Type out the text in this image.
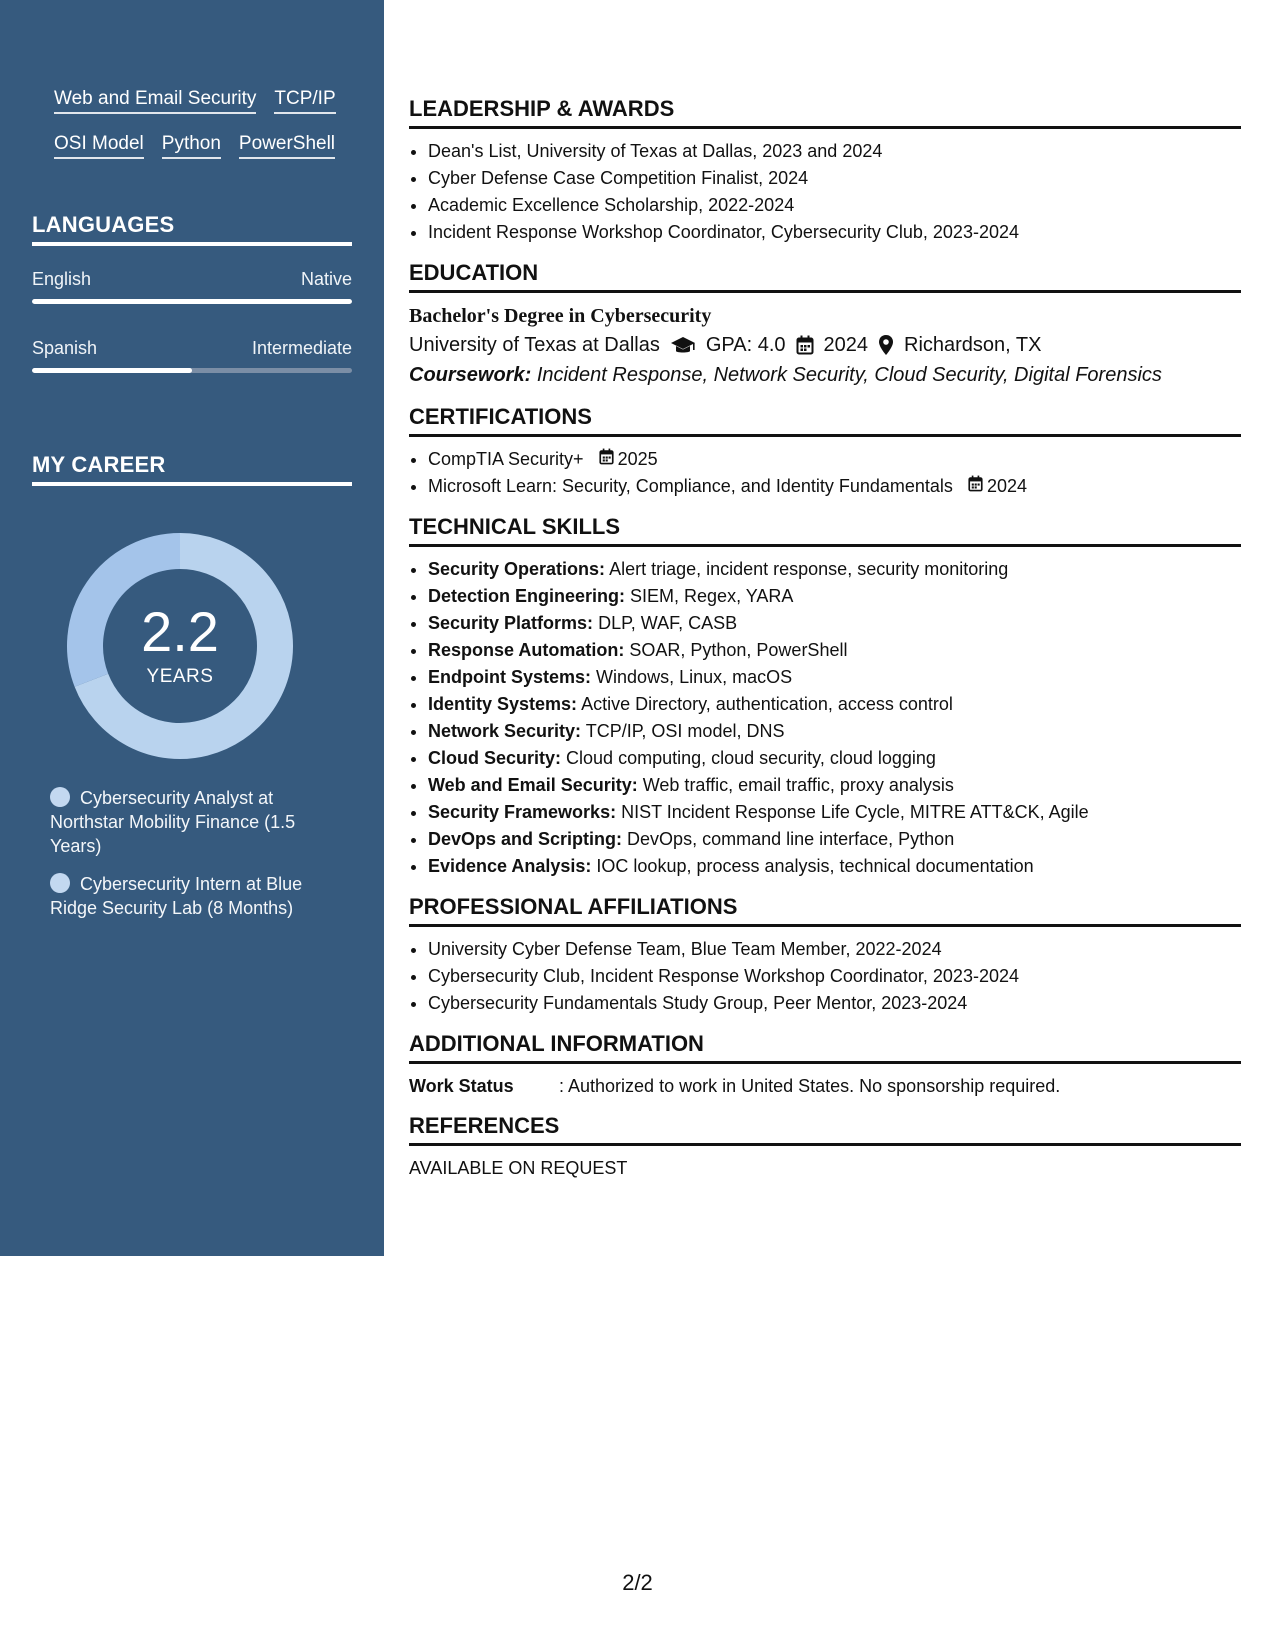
Web and Email Security TCP/IP
OSI Model Python PowerShell
LANGUAGES
English	Native
Spanish	Intermediate
MY CAREER
2.2
YEARS
Cybersecurity Analyst at Northstar Mobility Finance (1.5 Years)
Cybersecurity Intern at Blue Ridge Security Lab (8 Months)
LEADERSHIP & AWARDS
• Dean's List, University of Texas at Dallas, 2023 and 2024
• Cyber Defense Case Competition Finalist, 2024
• Academic Excellence Scholarship, 2022-2024
• Incident Response Workshop Coordinator, Cybersecurity Club, 2023-2024
EDUCATION
Bachelor's Degree in Cybersecurity
University of Texas at Dallas GPA: 4.0 2024 Richardson, TX
Coursework: Incident Response, Network Security, Cloud Security, Digital Forensics
CERTIFICATIONS
• CompTIA Security+ 2025
• Microsoft Learn: Security, Compliance, and Identity Fundamentals 2024
TECHNICAL SKILLS
• Security Operations: Alert triage, incident response, security monitoring
• Detection Engineering: SIEM, Regex, YARA
• Security Platforms: DLP, WAF, CASB
• Response Automation: SOAR, Python, PowerShell
• Endpoint Systems: Windows, Linux, macOS
• Identity Systems: Active Directory, authentication, access control
• Network Security: TCP/IP, OSI model, DNS
• Cloud Security: Cloud computing, cloud security, cloud logging
• Web and Email Security: Web traffic, email traffic, proxy analysis
• Security Frameworks: NIST Incident Response Life Cycle, MITRE ATT&CK, Agile
• DevOps and Scripting: DevOps, command line interface, Python
• Evidence Analysis: IOC lookup, process analysis, technical documentation
PROFESSIONAL AFFILIATIONS
• University Cyber Defense Team, Blue Team Member, 2022-2024
• Cybersecurity Club, Incident Response Workshop Coordinator, 2023-2024
• Cybersecurity Fundamentals Study Group, Peer Mentor, 2023-2024
ADDITIONAL INFORMATION
Work Status	: Authorized to work in United States. No sponsorship required.
REFERENCES
AVAILABLE ON REQUEST
2/2
